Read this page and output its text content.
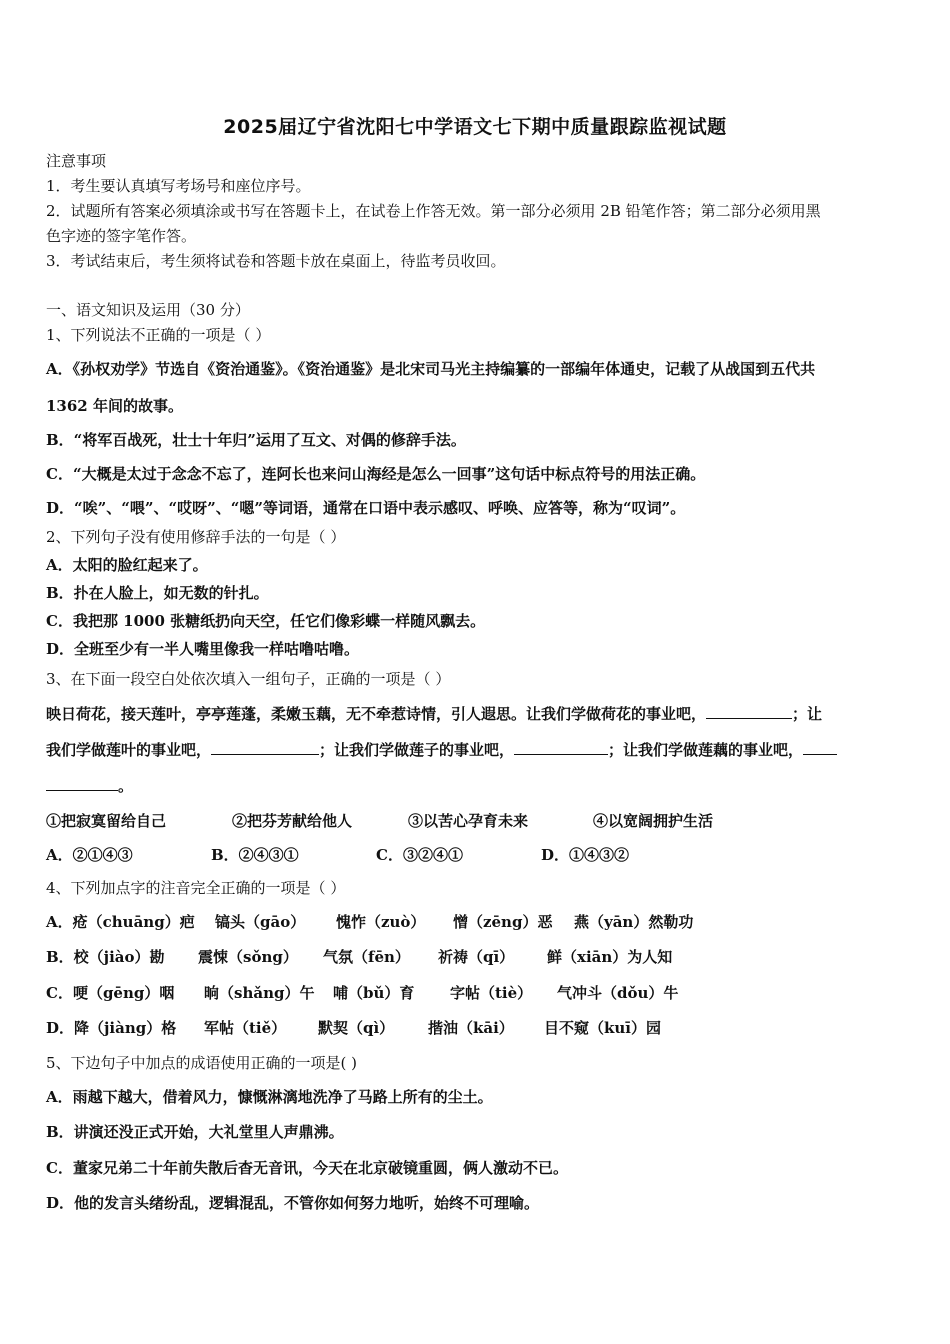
2025届辽宁省沈阳七中学语文七下期中质量跟踪监视试题
注意事项
1．考生要认真填写考场号和座位序号。
2．试题所有答案必须填涂或书写在答题卡上，在试卷上作答无效。第一部分必须用 2B 铅笔作答；第二部分必须用黑
色字迹的签字笔作答。
3．考试结束后，考生须将试卷和答题卡放在桌面上，待监考员收回。
一、语文知识及运用（30 分）
1、下列说法不正确的一项是（ ）
A．《孙权劝学》节选自《资治通鉴》。《资治通鉴》是北宋司马光主持编纂的一部编年体通史，记载了从战国到五代共
1362 年间的故事。
B．“将军百战死，壮士十年归”运用了互文、对偶的修辞手法。
C．“大概是太过于念念不忘了，连阿长也来问山海经是怎么一回事”这句话中标点符号的用法正确。
D．“唉”、“喂”、“哎呀”、“嗯”等词语，通常在口语中表示感叹、呼唤、应答等，称为“叹词”。
2、下列句子没有使用修辞手法的一句是（ ）
A．太阳的脸红起来了。
B．扑在人脸上，如无数的针扎。
C．我把那 1000 张糖纸扔向天空，任它们像彩蝶一样随风飘去。
D．全班至少有一半人嘴里像我一样咕噜咕噜。
3、在下面一段空白处依次填入一组句子，正确的一项是（ ）
映日荷花，接天莲叶，亭亭莲蓬，柔嫩玉藕，无不牵惹诗情，引人遐思。让我们学做荷花的事业吧，	；让
我们学做莲叶的事业吧，	；让我们学做莲子的事业吧，	；让我们学做莲藕的事业吧，
。
①把寂寞留给自己	②把芬芳献给他人	③以苦心孕育未来	④以宽阔拥护生活
A．②①④③	B．②④③①	C．③②④①	D．①④③②
4、下列加点字的注音完全正确的一项是（ ）
A．疮（chuāng）疤 镐头（gāo） 愧怍（zuò） 憎（zēng）恶 燕（yān）然勒功
B．校（jiào）勘 震悚（sǒng） 气氛（fēn） 祈祷（qī） 鲜（xiān）为人知
C．哽（gēng）咽 晌（shǎng）午 哺（bǔ）育 字帖（tiè） 气冲斗（dǒu）牛
D．降（jiàng）格 军帖（tiě） 默契（qì） 揩油（kāi） 目不窥（kuī）园
5、下边句子中加点的成语使用正确的一项是( )
A．雨越下越大，借着风力，慷慨淋漓地洗净了马路上所有的尘土。
B．讲演还没正式开始，大礼堂里人声鼎沸。
C．董家兄弟二十年前失散后杳无音讯，今天在北京破镜重圆，俩人激动不已。
D．他的发言头绪纷乱，逻辑混乱，不管你如何努力地听，始终不可理喻。
